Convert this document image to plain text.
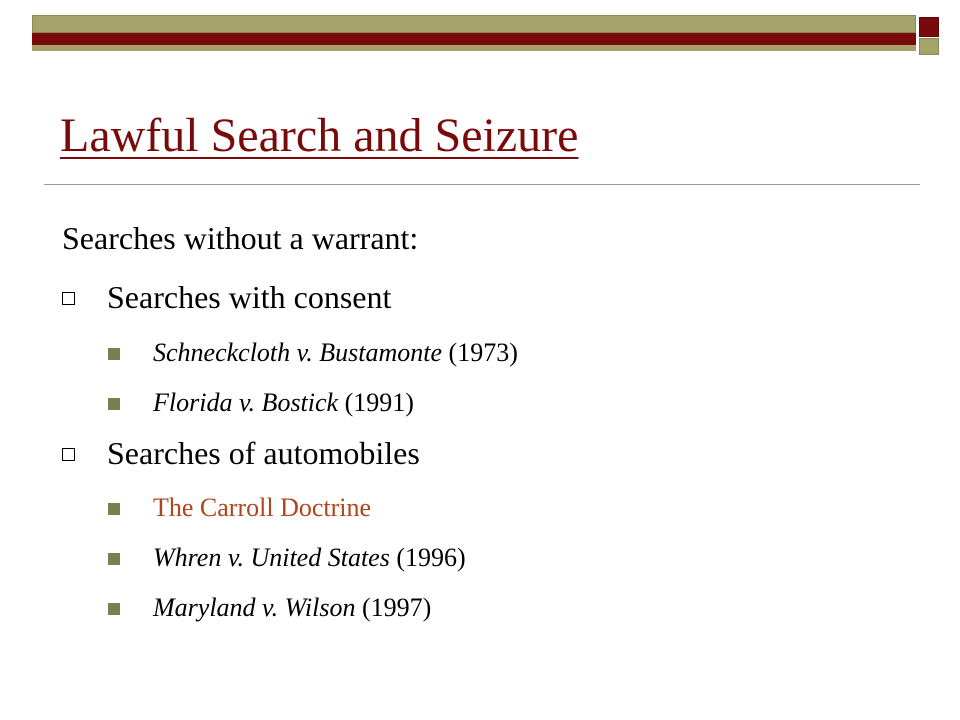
Lawful Search and Seizure
Searches without a warrant:
Searches with consent
Schneckcloth v. Bustamonte (1973)
Florida v. Bostick (1991)
Searches of automobiles
The Carroll Doctrine
Whren v. United States (1996)
Maryland v. Wilson (1997)
